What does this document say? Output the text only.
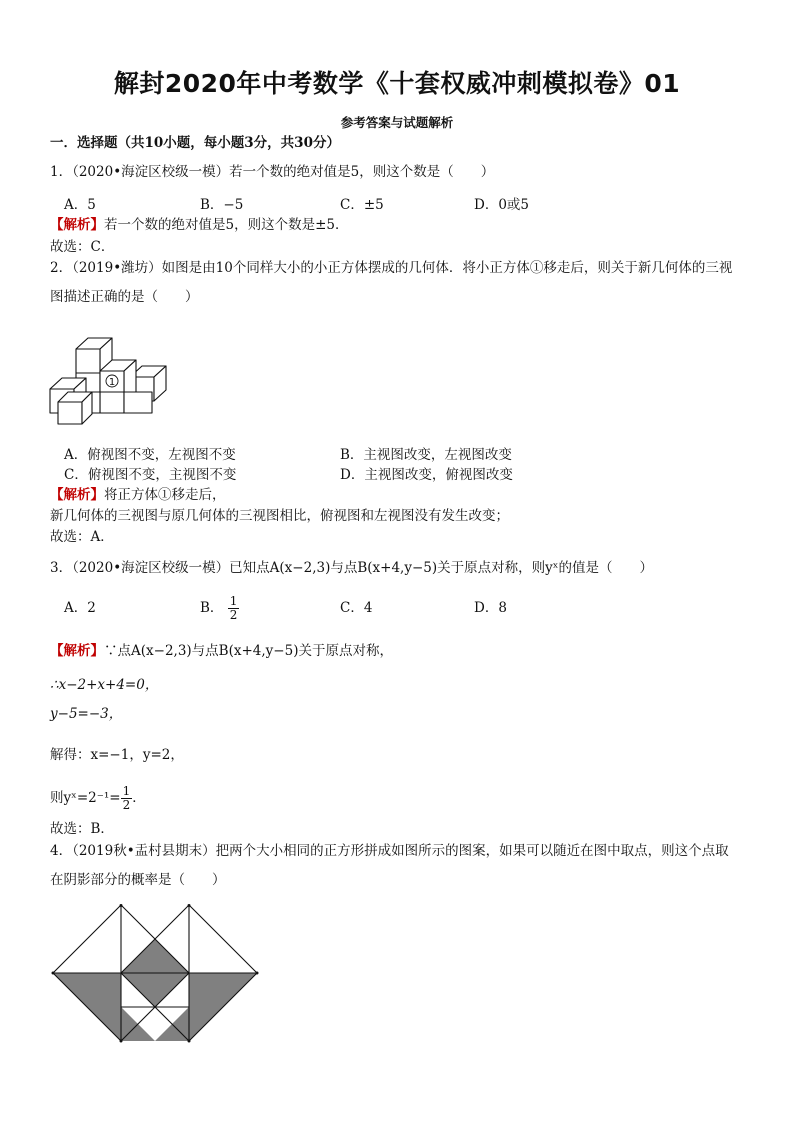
解封2020年中考数学《十套权威冲刺模拟卷》01
参考答案与试题解析
一．选择题（共10小题，每小题3分，共30分）
1．（2020•海淀区校级一模）若一个数的绝对值是5，则这个数是（　　）
A．5	B．−5	C．±5	D．0或5
【解析】若一个数的绝对值是5，则这个数是±5．
故选：C．
2．（2019•潍坊）如图是由10个同样大小的小正方体摆成的几何体．将小正方体①移走后，则关于新几何体的三视
图描述正确的是（　　）
1
A．俯视图不变，左视图不变	B．主视图改变，左视图改变
C．俯视图不变，主视图不变	D．主视图改变，俯视图改变
【解析】将正方体①移走后，
新几何体的三视图与原几何体的三视图相比，俯视图和左视图没有发生改变；
故选：A．
3．（2020•海淀区校级一模）已知点A(x−2,3)与点B(x+4,y−5)关于原点对称，则yˣ的值是（　　）
A．2	B． $\frac{1}{2}$	C．4	D．8
【解析】∵点A(x−2,3)与点B(x+4,y−5)关于原点对称，
∴x−2+x+4=0，
y−5=−3，
解得：x=−1，y=2，
则yˣ=2⁻¹= $\frac{1}{2}$ ．
故选：B．
4．（2019秋•盂村县期末）把两个大小相同的正方形拼成如图所示的图案，如果可以随近在图中取点，则这个点取
在阴影部分的概率是（　　）
